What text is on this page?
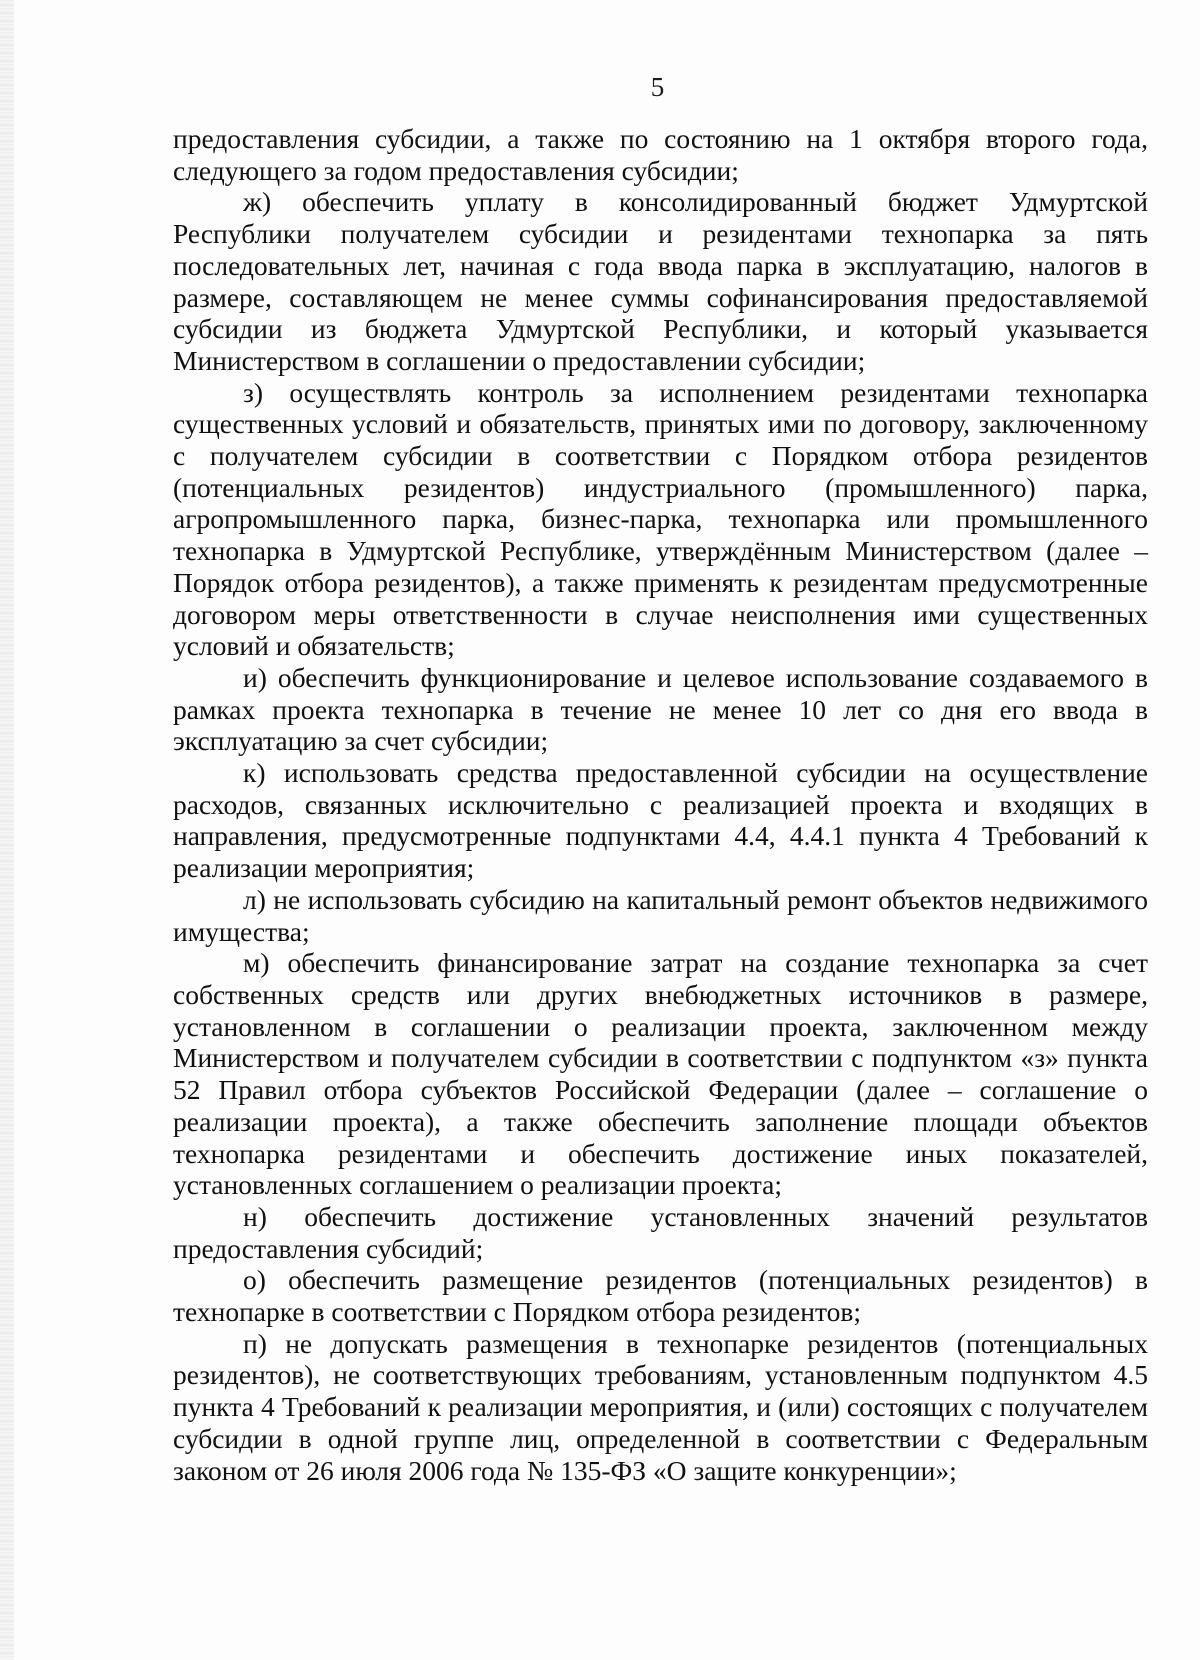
5

предоставления субсидии, а также по состоянию на 1 октября второго года, следующего за годом предоставления субсидии;

ж) обеспечить уплату в консолидированный бюджет Удмуртской Республики получателем субсидии и резидентами технопарка за пять последовательных лет, начиная с года ввода парка в эксплуатацию, налогов в размере, составляющем не менее суммы софинансирования предоставляемой субсидии из бюджета Удмуртской Республики, и который указывается Министерством в соглашении о предоставлении субсидии;

з) осуществлять контроль за исполнением резидентами технопарка существенных условий и обязательств, принятых ими по договору, заключенному с получателем субсидии в соответствии с Порядком отбора резидентов (потенциальных резидентов) индустриального (промышленного) парка, агропромышленного парка, бизнес-парка, технопарка или промышленного технопарка в Удмуртской Республике, утверждённым Министерством (далее – Порядок отбора резидентов), а также применять к резидентам предусмотренные договором меры ответственности в случае неисполнения ими существенных условий и обязательств;

и) обеспечить функционирование и целевое использование создаваемого в рамках проекта технопарка в течение не менее 10 лет со дня его ввода в эксплуатацию за счет субсидии;

к) использовать средства предоставленной субсидии на осуществление расходов, связанных исключительно с реализацией проекта и входящих в направления, предусмотренные подпунктами 4.4, 4.4.1 пункта 4 Требований к реализации мероприятия;

л) не использовать субсидию на капитальный ремонт объектов недвижимого имущества;

м) обеспечить финансирование затрат на создание технопарка за счет собственных средств или других внебюджетных источников в размере, установленном в соглашении о реализации проекта, заключенном между Министерством и получателем субсидии в соответствии с подпунктом «з» пункта 52 Правил отбора субъектов Российской Федерации (далее – соглашение о реализации проекта), а также обеспечить заполнение площади объектов технопарка резидентами и обеспечить достижение иных показателей, установленных соглашением о реализации проекта;

н) обеспечить достижение установленных значений результатов предоставления субсидий;

о) обеспечить размещение резидентов (потенциальных резидентов) в технопарке в соответствии с Порядком отбора резидентов;

п) не допускать размещения в технопарке резидентов (потенциальных резидентов), не соответствующих требованиям, установленным подпунктом 4.5 пункта 4 Требований к реализации мероприятия, и (или) состоящих с получателем субсидии в одной группе лиц, определенной в соответствии с Федеральным законом от 26 июля 2006 года № 135-ФЗ «О защите конкуренции»;
